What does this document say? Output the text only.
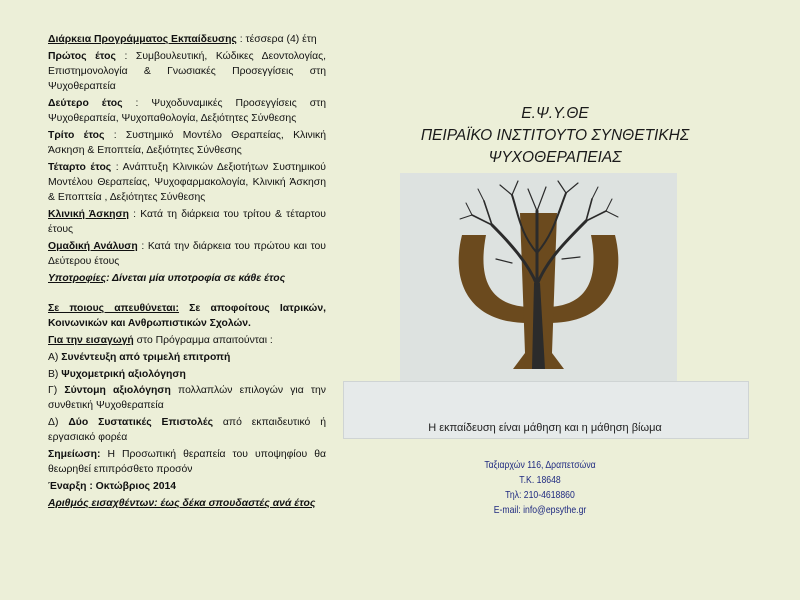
Διάρκεια Προγράμματος Εκπαίδευσης : τέσσερα (4) έτη

Πρώτος έτος : Συμβουλευτική, Κώδικες Δεοντολογίας, Επιστημονολογία & Γνωσιακές Προσεγγίσεις στη Ψυχοθεραπεία

Δεύτερο έτος : Ψυχοδυναμικές Προσεγγίσεις στη Ψυχοθεραπεία, Ψυχοπαθολογία, Δεξιότητες Σύνθεσης

Τρίτο έτος : Συστημικό Μοντέλο Θεραπείας, Κλινική Άσκηση & Εποπτεία, Δεξιότητες Σύνθεσης

Τέταρτο έτος : Ανάπτυξη Κλινικών Δεξιοτήτων Συστημικού Μοντέλου Θεραπείας, Ψυχοφαρμακολογία, Κλινική Άσκηση & Εποπτεία , Δεξιότητες Σύνθεσης

Κλινική Άσκηση : Κατά τη διάρκεια του τρίτου & τέταρτου έτους

Ομαδική Ανάλυση : Κατά την διάρκεια του πρώτου και του Δεύτερου έτους

Υποτροφίες: Δίνεται μία υποτροφία σε κάθε έτος

Σε ποιους απευθύνεται: Σε αποφοίτους Ιατρικών, Κοινωνικών και Ανθρωπιστικών Σχολών.

Για την εισαγωγή στο Πρόγραμμα απαιτούνται :

Α) Συνέντευξη από τριμελή επιτροπή

Β) Ψυχομετρική αξιολόγηση

Γ) Σύντομη αξιολόγηση πολλαπλών επιλογών για την συνθετική Ψυχοθεραπεία

Δ) Δύο Συστατικές Επιστολές από εκπαιδευτικό ή εργασιακό φορέα

Σημείωση: Η Προσωπική θεραπεία του υποψηφίου θα θεωρηθεί επιπρόσθετο προσόν

Έναρξη : Οκτώβριος 2014

Αριθμός εισαχθέντων: έως δέκα σπουδαστές ανά έτος

Ε.Ψ.Υ.ΘΕ
ΠΕΙΡΑΪΚΟ ΙΝΣΤΙΤΟΥΤΟ ΣΥΝΘΕΤΙΚΗΣ
ΨΥΧΟΘΕΡΑΠΕΙΑΣ
Η εκπαίδευση είναι μάθηση και η μάθηση βίωμα
Ταξιαρχών 116, Δραπετσώνα
Τ.Κ. 18648
Τηλ: 210-4618860
E-mail: info@epsythe.gr
